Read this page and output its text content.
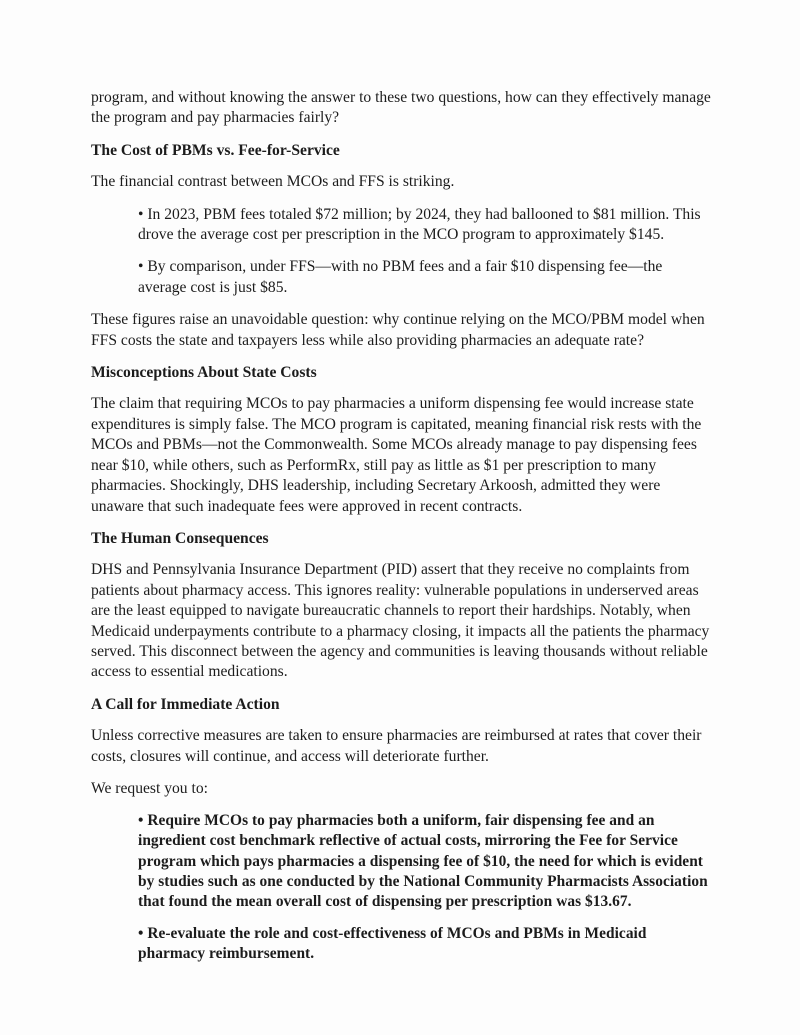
program, and without knowing the answer to these two questions, how can they effectively manage the program and pay pharmacies fairly?

The Cost of PBMs vs. Fee-for-Service

The financial contrast between MCOs and FFS is striking.

• In 2023, PBM fees totaled $72 million; by 2024, they had ballooned to $81 million. This drove the average cost per prescription in the MCO program to approximately $145.

• By comparison, under FFS—with no PBM fees and a fair $10 dispensing fee—the average cost is just $85.

These figures raise an unavoidable question: why continue relying on the MCO/PBM model when FFS costs the state and taxpayers less while also providing pharmacies an adequate rate?

Misconceptions About State Costs

The claim that requiring MCOs to pay pharmacies a uniform dispensing fee would increase state expenditures is simply false. The MCO program is capitated, meaning financial risk rests with the MCOs and PBMs—not the Commonwealth. Some MCOs already manage to pay dispensing fees near $10, while others, such as PerformRx, still pay as little as $1 per prescription to many pharmacies. Shockingly, DHS leadership, including Secretary Arkoosh, admitted they were unaware that such inadequate fees were approved in recent contracts.

The Human Consequences

DHS and Pennsylvania Insurance Department (PID) assert that they receive no complaints from patients about pharmacy access. This ignores reality: vulnerable populations in underserved areas are the least equipped to navigate bureaucratic channels to report their hardships. Notably, when Medicaid underpayments contribute to a pharmacy closing, it impacts all the patients the pharmacy served. This disconnect between the agency and communities is leaving thousands without reliable access to essential medications.

A Call for Immediate Action

Unless corrective measures are taken to ensure pharmacies are reimbursed at rates that cover their costs, closures will continue, and access will deteriorate further.

We request you to:

• Require MCOs to pay pharmacies both a uniform, fair dispensing fee and an ingredient cost benchmark reflective of actual costs, mirroring the Fee for Service program which pays pharmacies a dispensing fee of $10, the need for which is evident by studies such as one conducted by the National Community Pharmacists Association that found the mean overall cost of dispensing per prescription was $13.67.

• Re-evaluate the role and cost-effectiveness of MCOs and PBMs in Medicaid pharmacy reimbursement.
